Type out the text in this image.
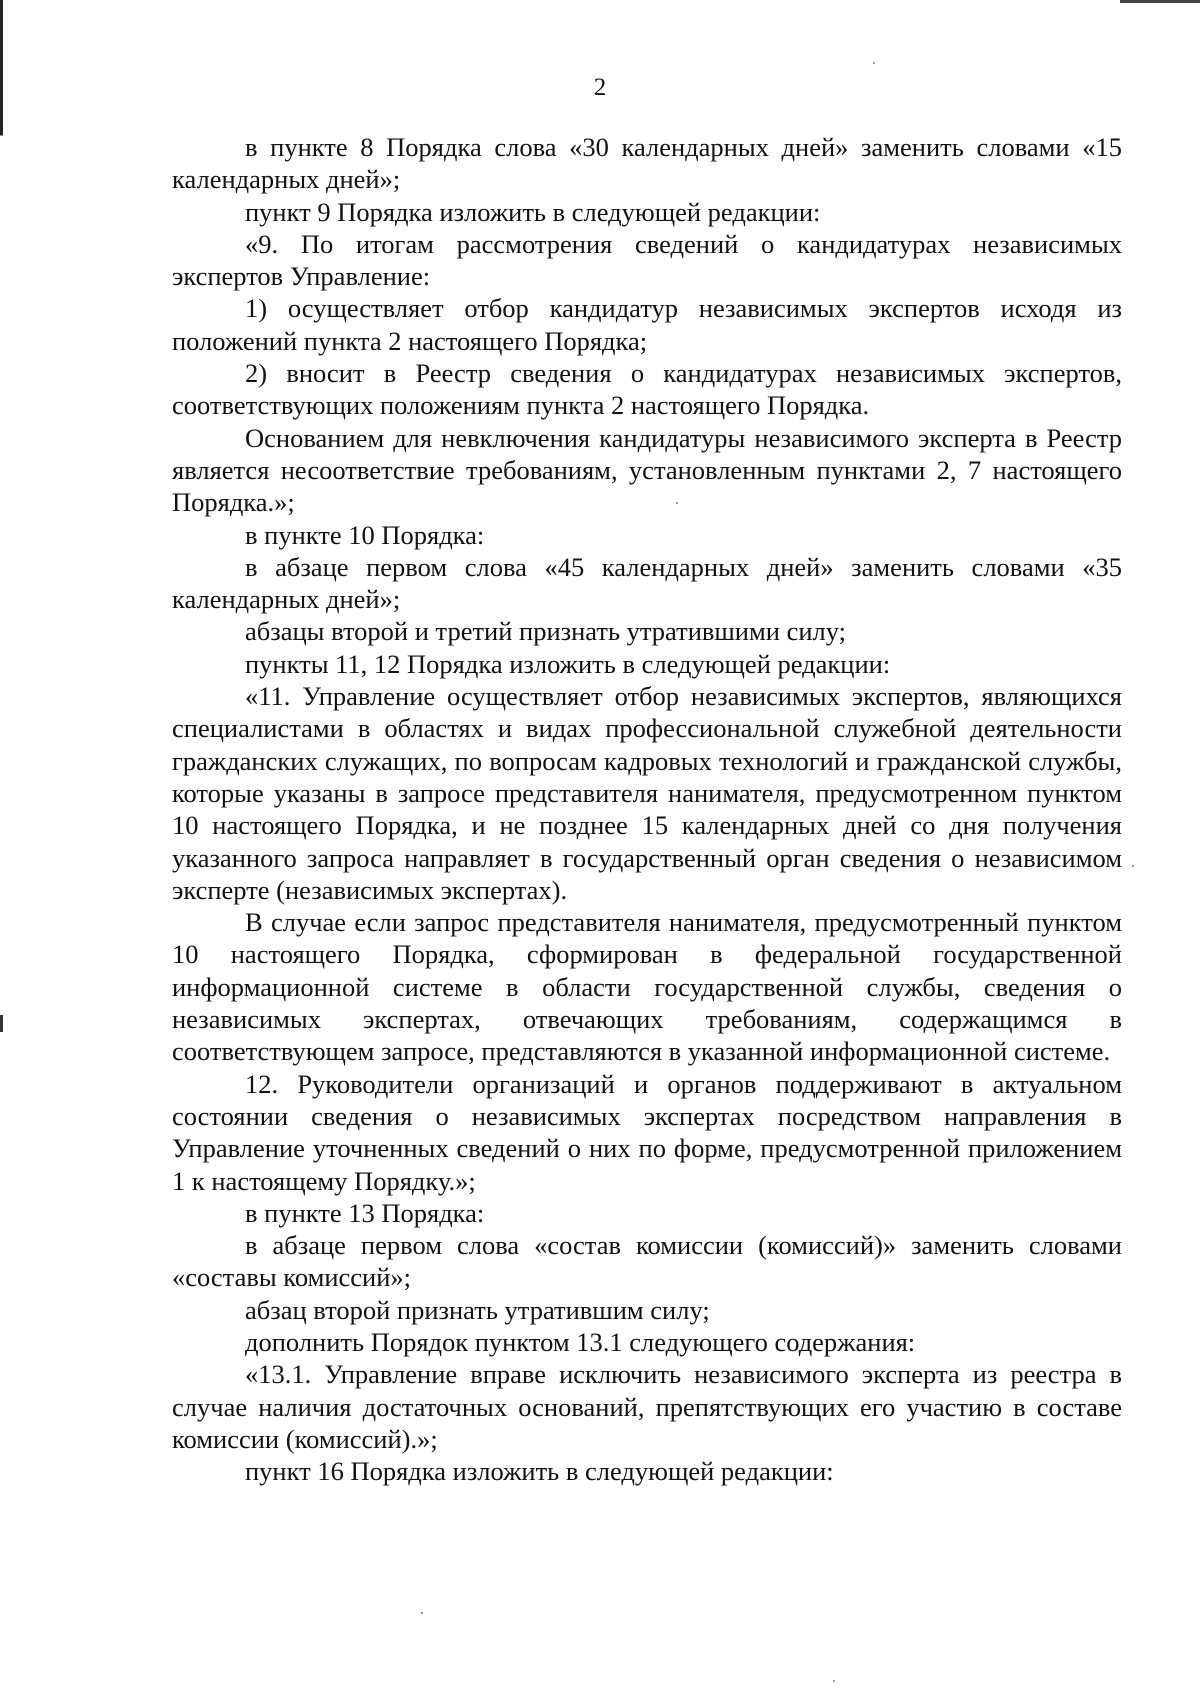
2

в пункте 8 Порядка слова «30 календарных дней» заменить словами «15 календарных дней»;

пункт 9 Порядка изложить в следующей редакции:

«9. По итогам рассмотрения сведений о кандидатурах независимых экспертов Управление:

1) осуществляет отбор кандидатур независимых экспертов исходя из положений пункта 2 настоящего Порядка;

2) вносит в Реестр сведения о кандидатурах независимых экспертов, соответствующих положениям пункта 2 настоящего Порядка.

Основанием для невключения кандидатуры независимого эксперта в Реестр является несоответствие требованиям, установленным пунктами 2, 7 настоящего Порядка.»;

в пункте 10 Порядка:

в абзаце первом слова «45 календарных дней» заменить словами «35 календарных дней»;

абзацы второй и третий признать утратившими силу;

пункты 11, 12 Порядка изложить в следующей редакции:

«11. Управление осуществляет отбор независимых экспертов, являющихся специалистами в областях и видах профессиональной служебной деятельности гражданских служащих, по вопросам кадровых технологий и гражданской службы, которые указаны в запросе представителя нанимателя, предусмотренном пунктом 10 настоящего Порядка, и не позднее 15 календарных дней со дня получения указанного запроса направляет в государственный орган сведения о независимом эксперте (независимых экспертах).

В случае если запрос представителя нанимателя, предусмотренный пунктом 10 настоящего Порядка, сформирован в федеральной государственной информационной системе в области государственной службы, сведения о независимых экспертах, отвечающих требованиям, содержащимся в соответствующем запросе, представляются в указанной информационной системе.

12. Руководители организаций и органов поддерживают в актуальном состоянии сведения о независимых экспертах посредством направления в Управление уточненных сведений о них по форме, предусмотренной приложением 1 к настоящему Порядку.»;

в пункте 13 Порядка:

в абзаце первом слова «состав комиссии (комиссий)» заменить словами «составы комиссий»;

абзац второй признать утратившим силу;

дополнить Порядок пунктом 13.1 следующего содержания:

«13.1. Управление вправе исключить независимого эксперта из реестра в случае наличия достаточных оснований, препятствующих его участию в составе комиссии (комиссий).»;

пункт 16 Порядка изложить в следующей редакции:
